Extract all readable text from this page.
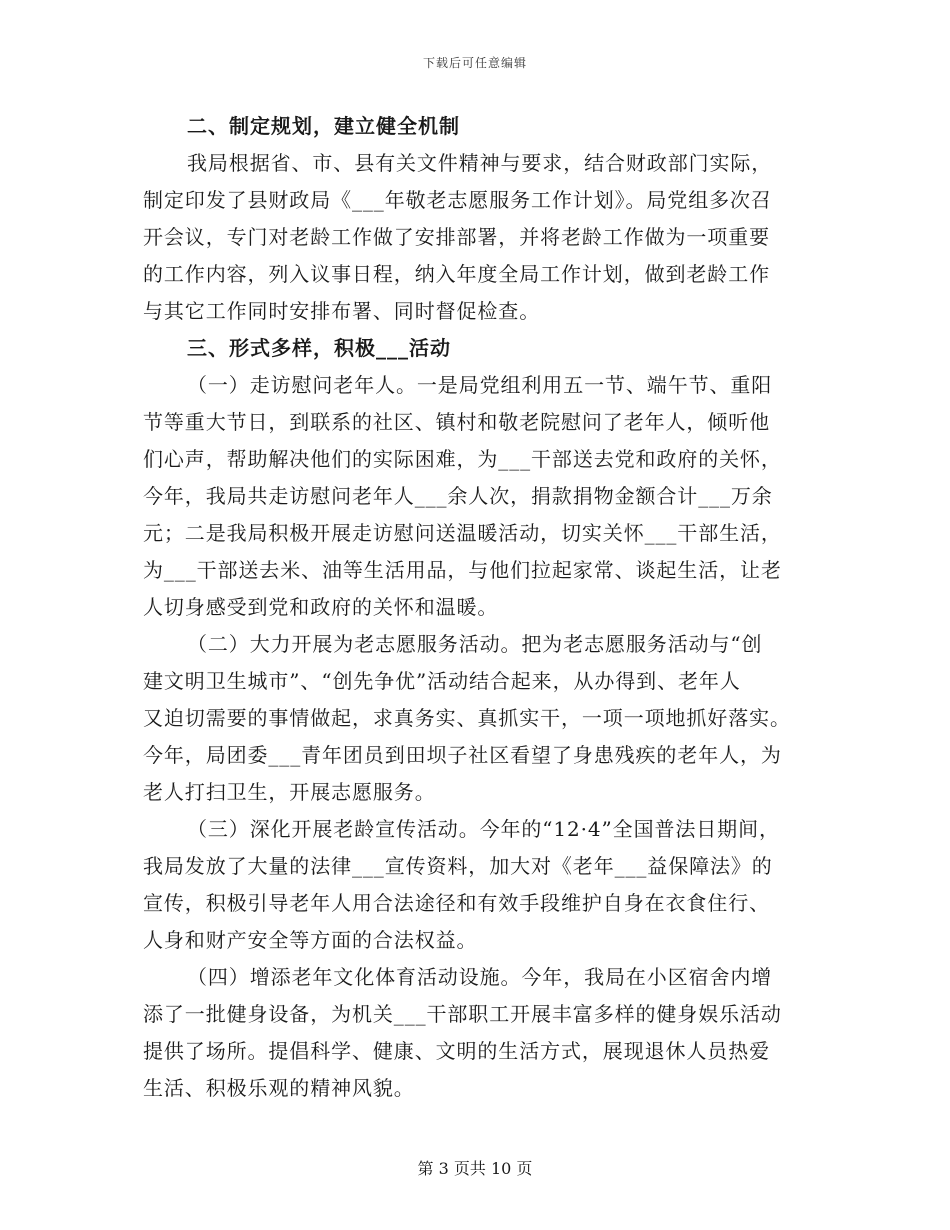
下载后可任意编辑
二、制定规划，建立健全机制
我局根据省、市、县有关文件精神与要求，结合财政部门实际，
制定印发了县财政局《___年敬老志愿服务工作计划》。局党组多次召
开会议，专门对老龄工作做了安排部署，并将老龄工作做为一项重要
的工作内容，列入议事日程，纳入年度全局工作计划，做到老龄工作
与其它工作同时安排布署、同时督促检查。
三、形式多样，积极___活动
（一）走访慰问老年人。一是局党组利用五一节、端午节、重阳
节等重大节日，到联系的社区、镇村和敬老院慰问了老年人，倾听他
们心声，帮助解决他们的实际困难，为___干部送去党和政府的关怀，
今年，我局共走访慰问老年人___余人次，捐款捐物金额合计___万余
元；二是我局积极开展走访慰问送温暖活动，切实关怀___干部生活，
为___干部送去米、油等生活用品，与他们拉起家常、谈起生活，让老
人切身感受到党和政府的关怀和温暖。
（二）大力开展为老志愿服务活动。把为老志愿服务活动与“创
建文明卫生城市”、“创先争优”活动结合起来，从办得到、老年人
又迫切需要的事情做起，求真务实、真抓实干，一项一项地抓好落实。
今年，局团委___青年团员到田坝子社区看望了身患残疾的老年人，为
老人打扫卫生，开展志愿服务。
（三）深化开展老龄宣传活动。今年的“12·4”全国普法日期间，
我局发放了大量的法律___宣传资料，加大对《老年___益保障法》的
宣传，积极引导老年人用合法途径和有效手段维护自身在衣食住行、
人身和财产安全等方面的合法权益。
（四）增添老年文化体育活动设施。今年，我局在小区宿舍内增
添了一批健身设备，为机关___干部职工开展丰富多样的健身娱乐活动
提供了场所。提倡科学、健康、文明的生活方式，展现退休人员热爱
生活、积极乐观的精神风貌。
第 3 页共 10 页
